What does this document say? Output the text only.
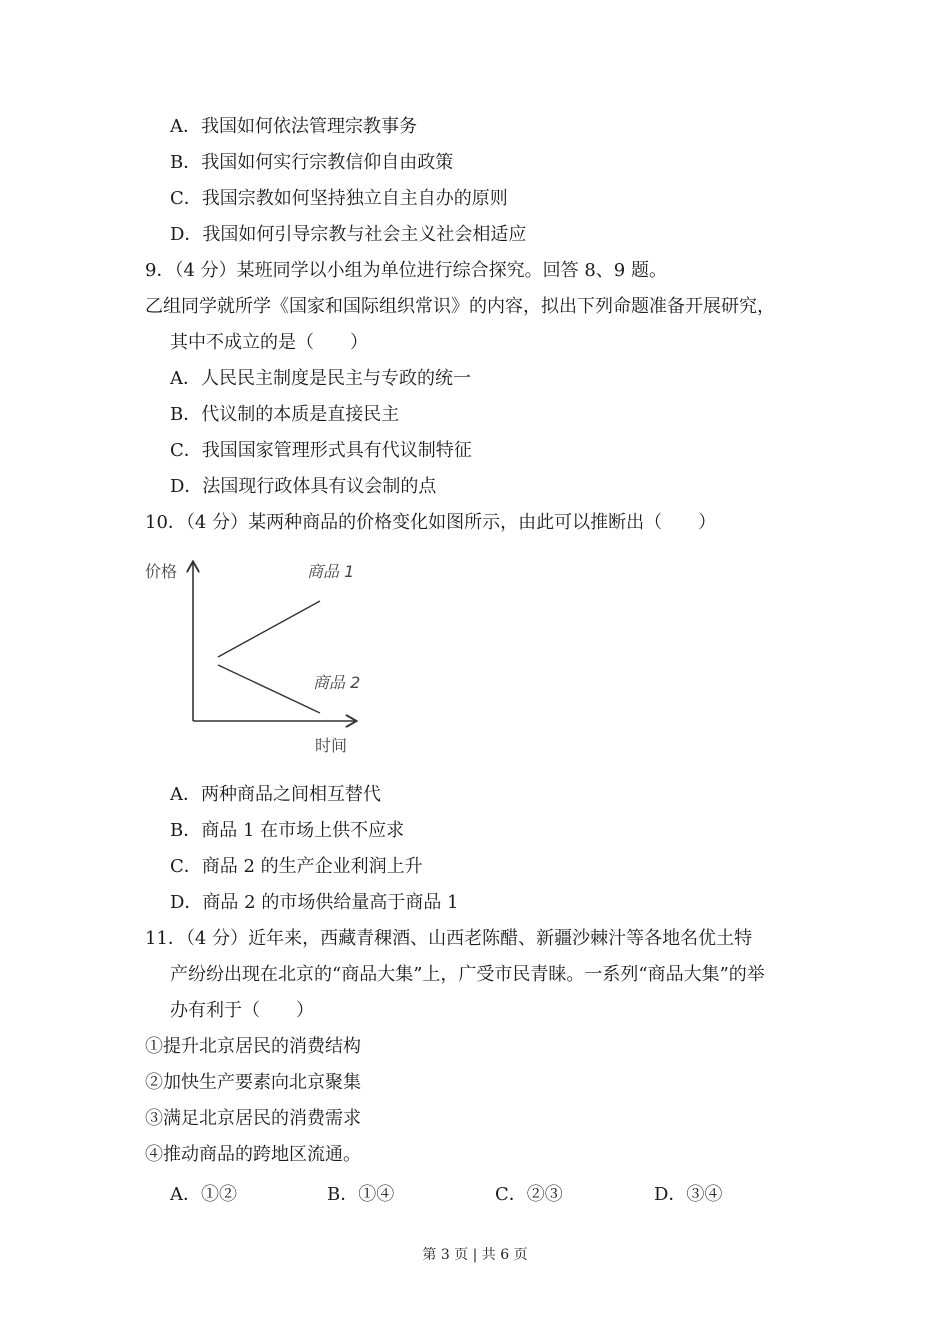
A．我国如何依法管理宗教事务
B．我国如何实行宗教信仰自由政策
C．我国宗教如何坚持独立自主自办的原则
D．我国如何引导宗教与社会主义社会相适应
9．（4 分）某班同学以小组为单位进行综合探究。回答 8、9 题。
乙组同学就所学《国家和国际组织常识》的内容，拟出下列命题准备开展研究，
其中不成立的是（　　）
A．人民民主制度是民主与专政的统一
B．代议制的本质是直接民主
C．我国国家管理形式具有代议制特征
D．法国现行政体具有议会制的点
10．（4 分）某两种商品的价格变化如图所示，由此可以推断出（　　）
价格
时间
商品 1
商品 2
A．两种商品之间相互替代
B．商品 1 在市场上供不应求
C．商品 2 的生产企业利润上升
D．商品 2 的市场供给量高于商品 1
11．（4 分）近年来，西藏青稞酒、山西老陈醋、新疆沙棘汁等各地名优土特
产纷纷出现在北京的“商品大集”上，广受市民青睐。一系列“商品大集”的举
办有利于（　　）
①提升北京居民的消费结构
②加快生产要素向北京聚集
③满足北京居民的消费需求
④推动商品的跨地区流通。
A．①②	B．①④	C．②③	D．③④
第 3 页 | 共 6 页
